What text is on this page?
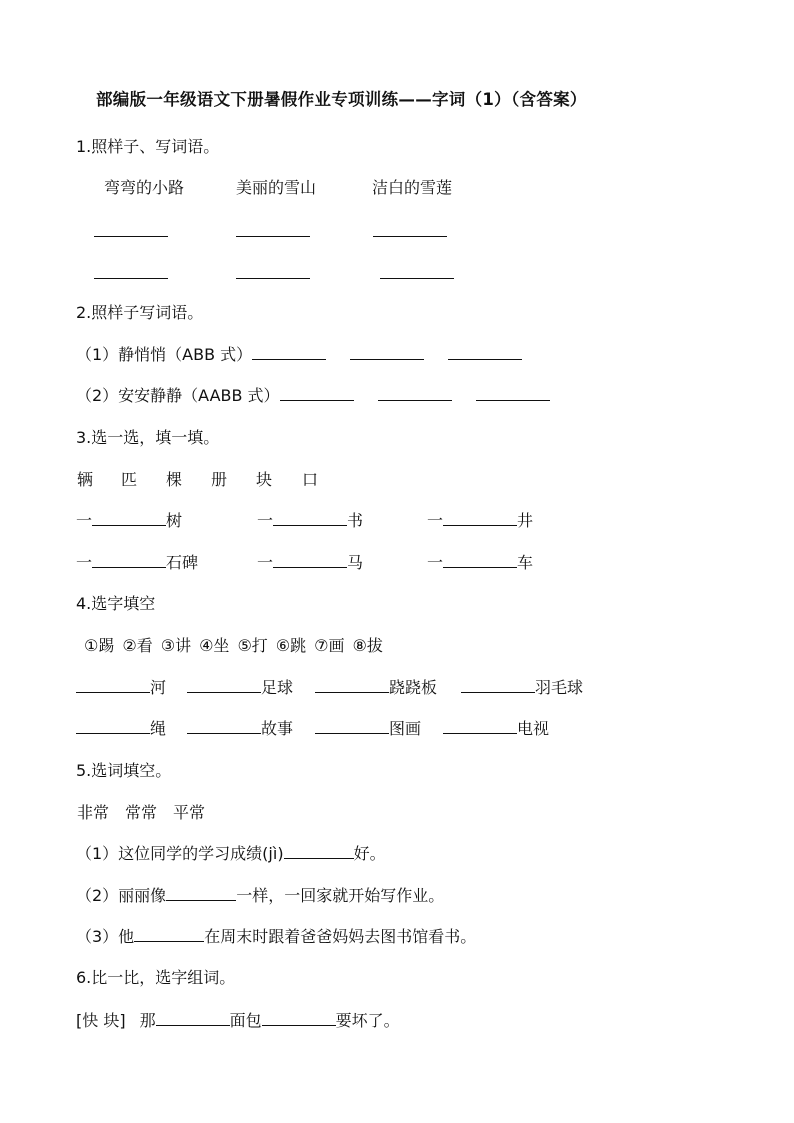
部编版一年级语文下册暑假作业专项训练——字词（1）（含答案）
1.照样子、写词语。
弯弯的小路	美丽的雪山	洁白的雪莲
2.照样子写词语。
（1）静悄悄（ABB 式）
（2）安安静静（AABB 式）
3.选一选，填一填。
辆 匹 棵 册 块 口
一	树	一	书	一	井
一	石碑	一	马	一	车
4.选字填空
①踢 ②看 ③讲 ④坐 ⑤打 ⑥跳 ⑦画 ⑧拔
河	足球	跷跷板	羽毛球
绳	故事	图画	电视
5.选词填空。
非常 常常 平常
（1）这位同学的学习成绩(jì)	好。
（2）丽丽像	一样，一回家就开始写作业。
（3）他	在周末时跟着爸爸妈妈去图书馆看书。
6.比一比，选字组词。
[快 块] 那	面包	要坏了。
